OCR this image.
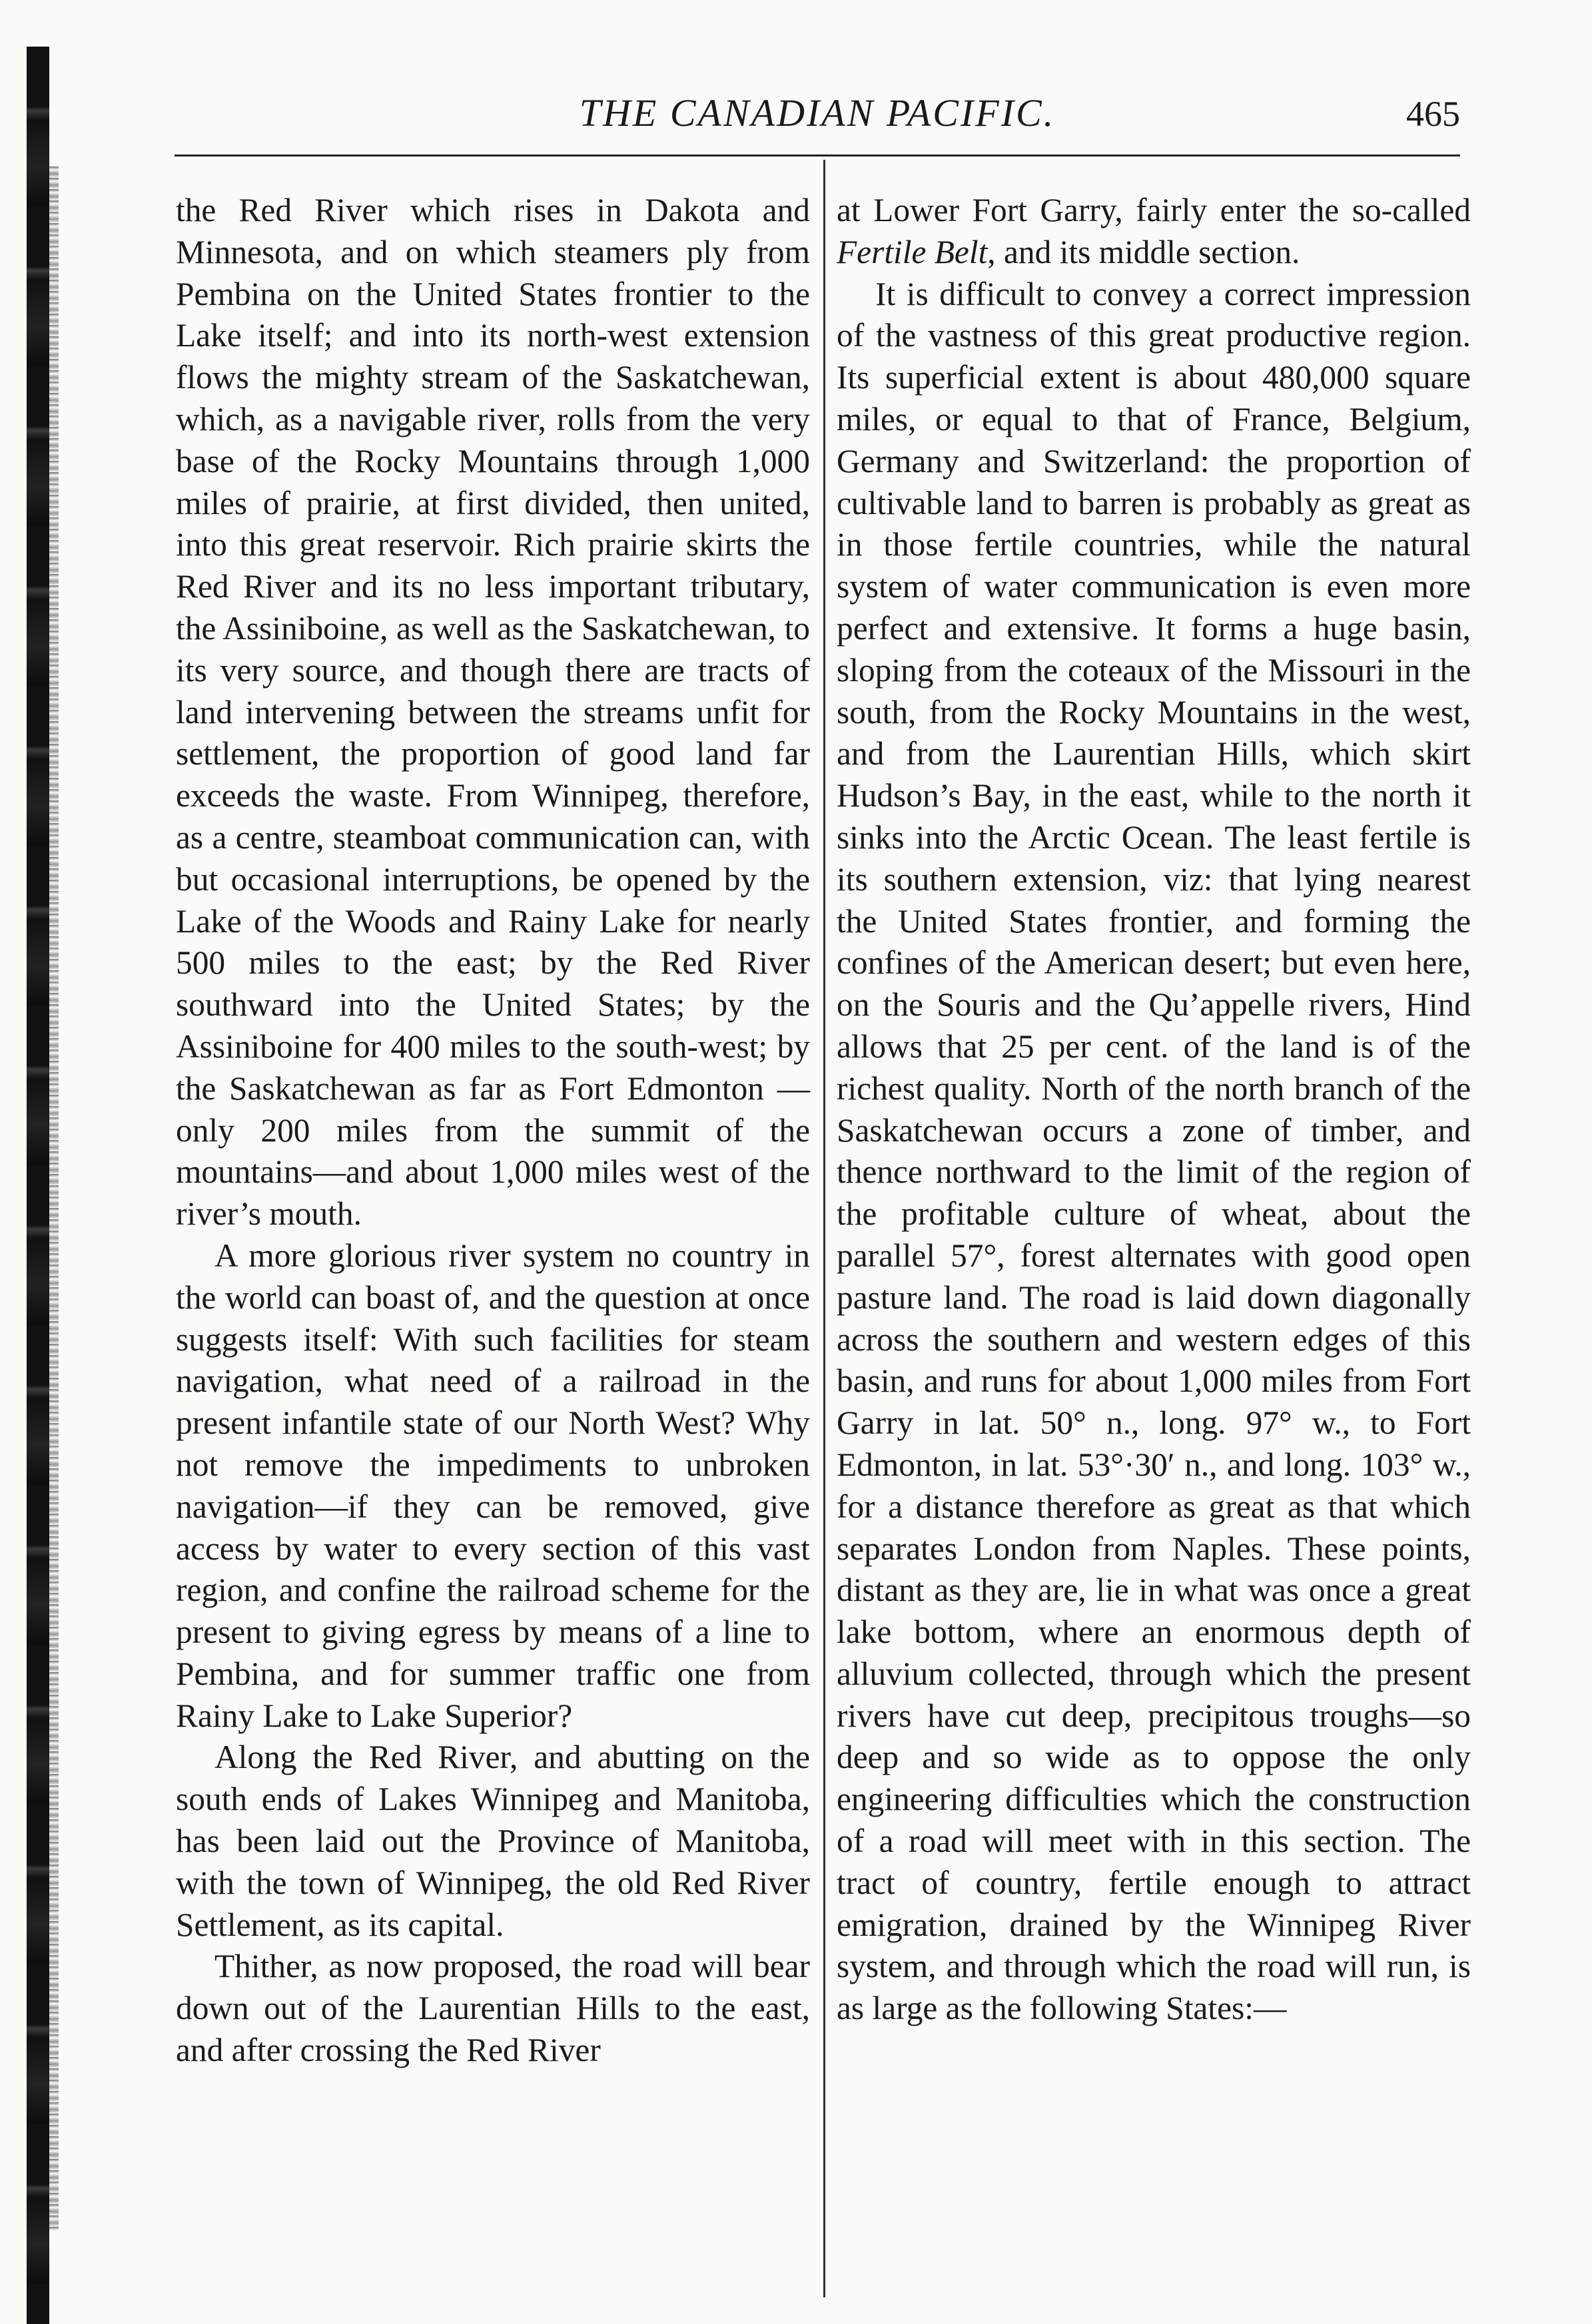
THE CANADIAN PACIFIC.	465

the Red River which rises in Dakota and Minnesota, and on which steamers ply from Pembina on the United States frontier to the Lake itself; and into its north-west extension flows the mighty stream of the Saskatchewan, which, as a navigable river, rolls from the very base of the Rocky Mountains through 1,000 miles of prairie, at first divided, then united, into this great reservoir. Rich prairie skirts the Red River and its no less important tributary, the Assiniboine, as well as the Saskatchewan, to its very source, and though there are tracts of land intervening between the streams unfit for settlement, the proportion of good land far exceeds the waste. From Winnipeg, therefore, as a centre, steamboat communication can, with but occasional interruptions, be opened by the Lake of the Woods and Rainy Lake for nearly 500 miles to the east; by the Red River southward into the United States; by the Assiniboine for 400 miles to the south-west; by the Saskatchewan as far as Fort Edmonton —only 200 miles from the summit of the mountains—and about 1,000 miles west of the river’s mouth.

A more glorious river system no country in the world can boast of, and the question at once suggests itself: With such facilities for steam navigation, what need of a railroad in the present infantile state of our North West? Why not remove the impediments to unbroken navigation—if they can be removed, give access by water to every section of this vast region, and confine the railroad scheme for the present to giving egress by means of a line to Pembina, and for summer traffic one from Rainy Lake to Lake Superior?

Along the Red River, and abutting on the south ends of Lakes Winnipeg and Manitoba, has been laid out the Province of Manitoba, with the town of Winnipeg, the old Red River Settlement, as its capital.

Thither, as now proposed, the road will bear down out of the Laurentian Hills to the east, and after crossing the Red River

at Lower Fort Garry, fairly enter the so-called Fertile Belt, and its middle section.

It is difficult to convey a correct impression of the vastness of this great productive region. Its superficial extent is about 480,000 square miles, or equal to that of France, Belgium, Germany and Switzerland: the proportion of cultivable land to barren is probably as great as in those fertile countries, while the natural system of water communication is even more perfect and extensive. It forms a huge basin, sloping from the coteaux of the Missouri in the south, from the Rocky Mountains in the west, and from the Laurentian Hills, which skirt Hudson’s Bay, in the east, while to the north it sinks into the Arctic Ocean. The least fertile is its southern extension, viz: that lying nearest the United States frontier, and forming the confines of the American desert; but even here, on the Souris and the Qu’appelle rivers, Hind allows that 25 per cent. of the land is of the richest quality. North of the north branch of the Saskatchewan occurs a zone of timber, and thence northward to the limit of the region of the profitable culture of wheat, about the parallel 57°, forest alternates with good open pasture land. The road is laid down diagonally across the southern and western edges of this basin, and runs for about 1,000 miles from Fort Garry in lat. 50° n., long. 97° w., to Fort Edmonton, in lat. 53°·30′ n., and long. 103° w., for a distance therefore as great as that which separates London from Naples. These points, distant as they are, lie in what was once a great lake bottom, where an enormous depth of alluvium collected, through which the present rivers have cut deep, precipitous troughs—so deep and so wide as to oppose the only engineering difficulties which the construction of a road will meet with in this section. The tract of country, fertile enough to attract emigration, drained by the Winnipeg River system, and through which the road will run, is as large as the following States:—
